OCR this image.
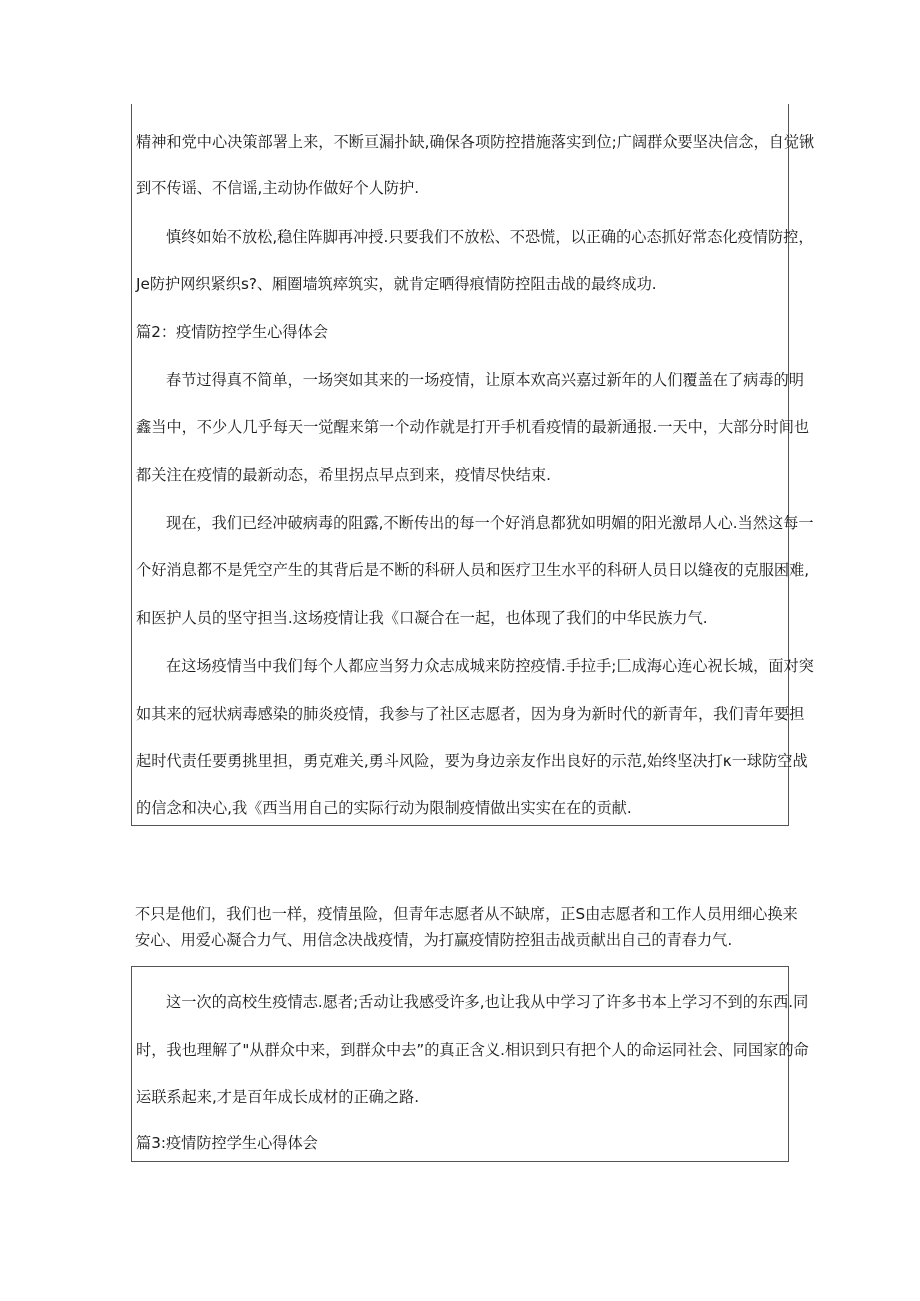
精神和党中心决策部署上来，不断亘漏扑缺,确保各项防控措施落实到位;广阔群众要坚决信念，自觉锹
到不传谣、不信谣,主动协作做好个人防护.
慎终如始不放松,稳住阵脚再冲授.只要我们不放松、不恐慌，以正确的心态抓好常态化疫情防控，
Je防护网织紧织s?、厢圈墙筑瘁筑实，就肯定晒得痕情防控阻击战的最终成功.
篇2：疫情防控学生心得体会
春节过得真不简单，一场突如其来的一场疫情，让原本欢高兴嘉过新年的人们覆盖在了病毒的明
鑫当中，不少人几乎每天一觉醒来第一个动作就是打开手机看疫情的最新通报.一天中，大部分时间也
都关注在疫情的最新动态，希里拐点早点到来，疫情尽快结束.
现在，我们已经冲破病毒的阻露,不断传出的每一个好消息都犹如明媚的阳光激昂人心.当然这每一
个好消息都不是凭空产生的其背后是不断的科研人员和医疗卫生水平的科研人员日以缝夜的克服困难,
和医护人员的坚守担当.这场疫情让我《口凝合在一起，也体现了我们的中华民族力气.
在这场疫情当中我们每个人都应当努力众志成城来防控疫情.手拉手;匚成海心连心祝长城，面对突
如其来的冠状病毒感染的肺炎疫情，我参与了社区志愿者，因为身为新时代的新青年，我们青年要担
起时代责任要勇挑里担，勇克难关,勇斗风险，要为身边亲友作出良好的示范,始终坚决打κ一球防空战
的信念和决心,我《西当用自己的实际行动为限制疫情做出实实在在的贡献.
不只是他们，我们也一样，疫情虽险，但青年志愿者从不缺席，正S由志愿者和工作人员用细心换来
安心、用爱心凝合力气、用信念决战疫情，为打赢疫情防控狙击战贡献出自己的青春力气.
这一次的高校生疫情志.愿者;舌动让我感受许多,也让我从中学习了许多书本上学习不到的东西.同
时，我也理解了"从群众中来，到群众中去”的真正含义.相识到只有把个人的命运同社会、同国家的命
运联系起来,才是百年成长成材的正确之路.
篇3:疫情防控学生心得体会
